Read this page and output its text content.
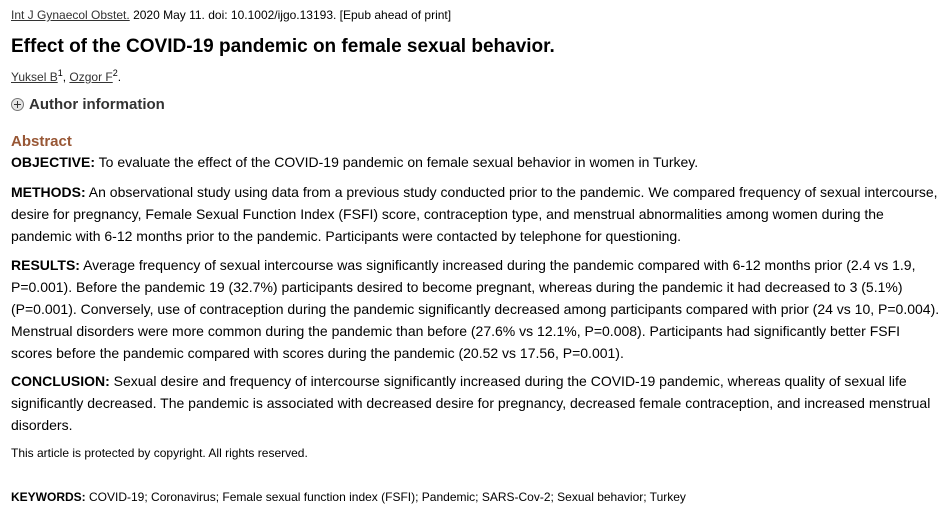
Int J Gynaecol Obstet. 2020 May 11. doi: 10.1002/ijgo.13193. [Epub ahead of print]
Effect of the COVID-19 pandemic on female sexual behavior.
Yuksel $B^1$, Ozgor $F^2$.
Author information
Abstract

OBJECTIVE: To evaluate the effect of the COVID-19 pandemic on female sexual behavior in women in Turkey.

METHODS: An observational study using data from a previous study conducted prior to the pandemic. We compared frequency of sexual intercourse, desire for pregnancy, Female Sexual Function Index (FSFI) score, contraception type, and menstrual abnormalities among women during the pandemic with 6-12 months prior to the pandemic. Participants were contacted by telephone for questioning.

RESULTS: Average frequency of sexual intercourse was significantly increased during the pandemic compared with 6-12 months prior (2.4 vs 1.9, P=0.001). Before the pandemic 19 (32.7%) participants desired to become pregnant, whereas during the pandemic it had decreased to 3 (5.1%) (P=0.001). Conversely, use of contraception during the pandemic significantly decreased among participants compared with prior (24 vs 10, P=0.004). Menstrual disorders were more common during the pandemic than before (27.6% vs 12.1%, P=0.008). Participants had significantly better FSFI scores before the pandemic compared with scores during the pandemic (20.52 vs 17.56, P=0.001).

CONCLUSION: Sexual desire and frequency of intercourse significantly increased during the COVID-19 pandemic, whereas quality of sexual life significantly decreased. The pandemic is associated with decreased desire for pregnancy, decreased female contraception, and increased menstrual disorders.

This article is protected by copyright. All rights reserved.
KEYWORDS: COVID-19; Coronavirus; Female sexual function index (FSFI); Pandemic; SARS-Cov-2; Sexual behavior; Turkey
